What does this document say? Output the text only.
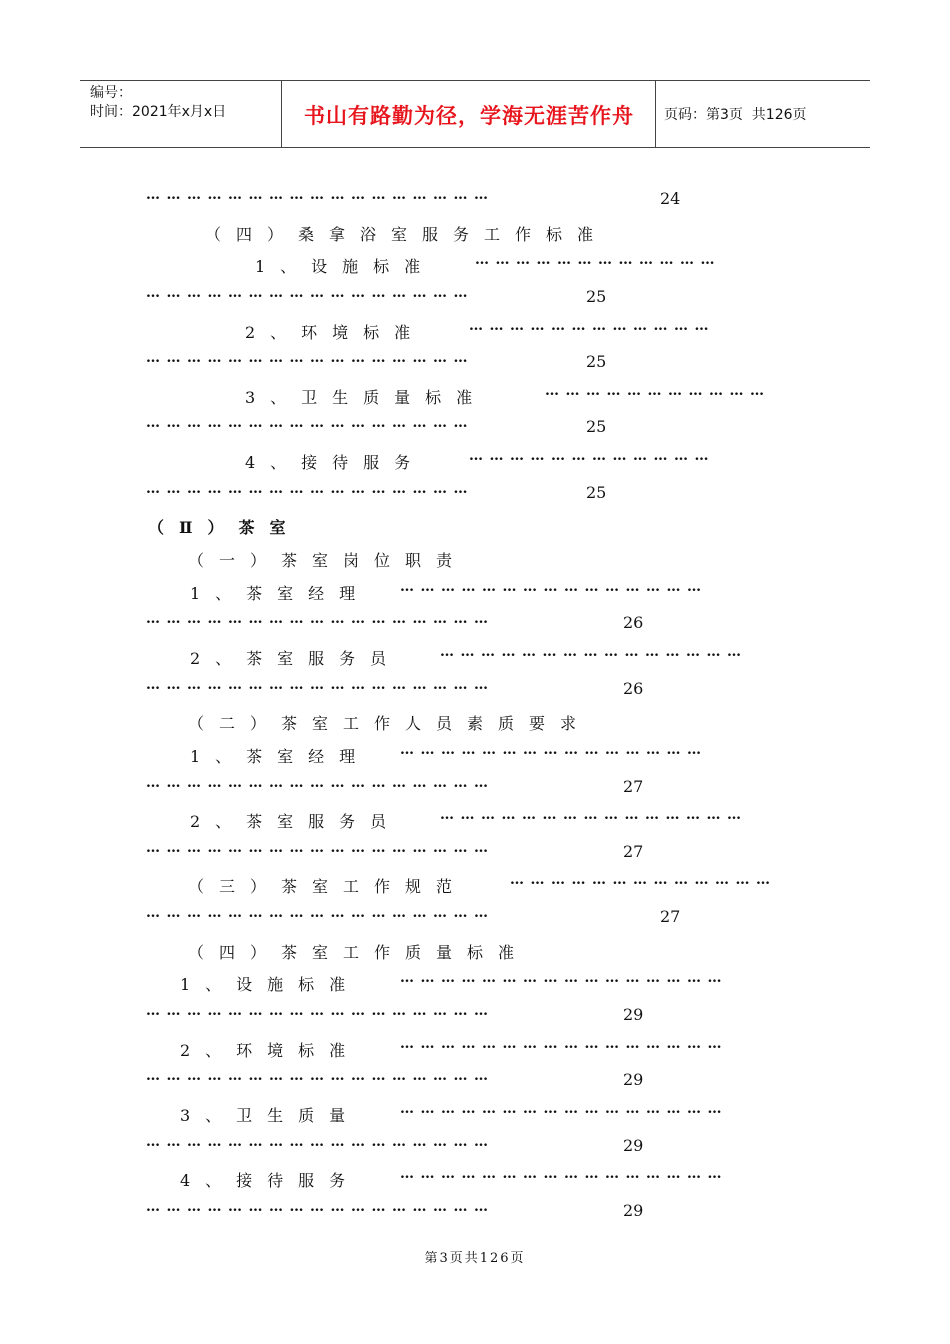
编号：
时间：2021年x月x日	书山有路勤为径，学海无涯苦作舟	页码：第3页  共126页
……………………………………………	24
（四）桑拿浴室服务工作标准
1、设施标准	………………………………
…………………………………………	25
2、环境标准	………………………………
…………………………………………	25
3、卫生质量标准	……………………………
…………………………………………	25
4、接待服务	………………………………
…………………………………………	25
（Ⅱ）茶室
（一）茶室岗位职责
1、茶室经理 ………………………………………
……………………………………………	26
2、茶室服务员	………………………………………
……………………………………………	26
（二）茶室工作人员素质要求
1、茶室经理 ………………………………………
……………………………………………	27
2、茶室服务员	………………………………………
……………………………………………	27
（三）茶室工作规范	…………………………………
……………………………………………	27
（四）茶室工作质量标准
1、设施标准	…………………………………………
……………………………………………	29
2、环境标准	…………………………………………
……………………………………………	29
3、卫生质量	…………………………………………
……………………………………………	29
4、接待服务	…………………………………………
……………………………………………	29
第3页共126页
